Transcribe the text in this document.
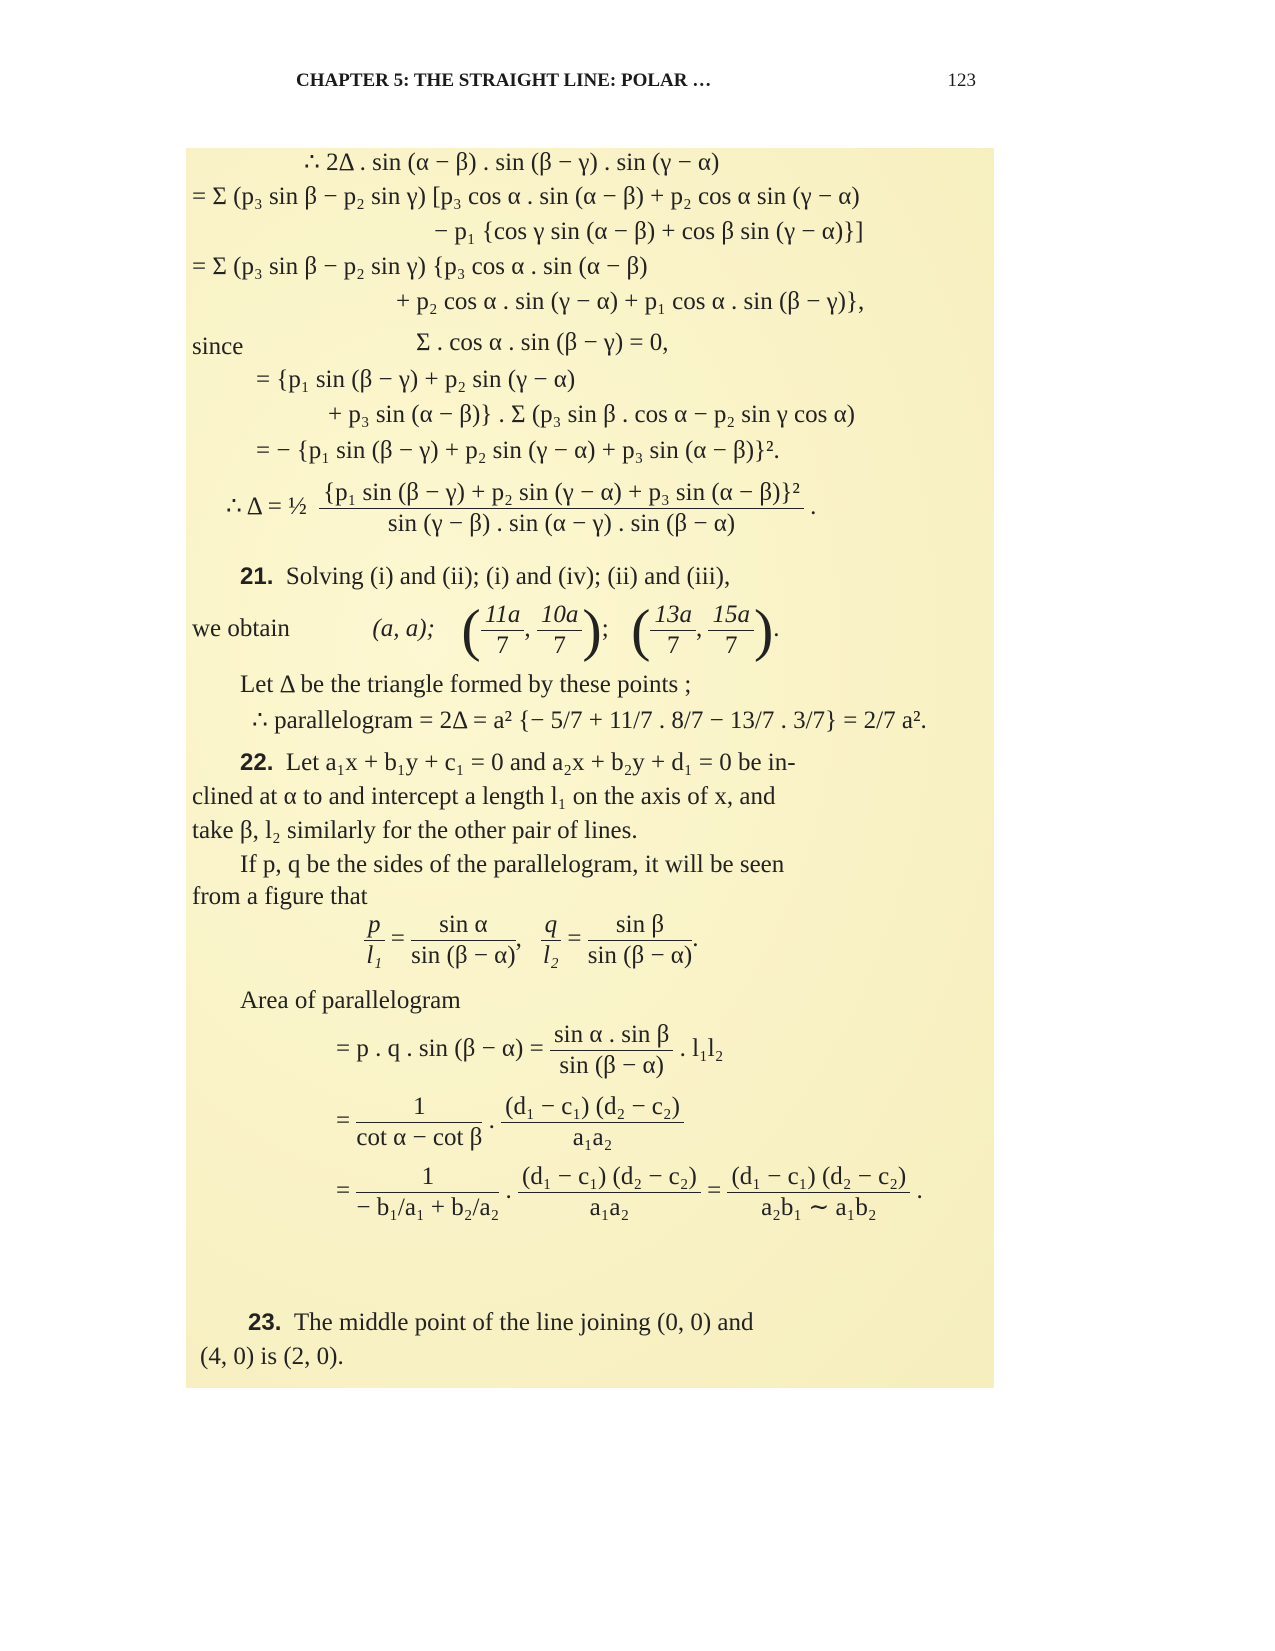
CHAPTER 5: THE STRAIGHT LINE: POLAR …	123
∴ 2Δ . sin (α − β) . sin (β − γ) . sin (γ − α)
= Σ (p₃ sin β − p₂ sin γ) [p₃ cos α . sin (α − β) + p₂ cos α sin (γ − α)
− p₁ {cos γ sin (α − β) + cos β sin (γ − α)}]
= Σ (p₃ sin β − p₂ sin γ) {p₃ cos α . sin (α − β)
+ p₂ cos α . sin (γ − α) + p₁ cos α . sin (β − γ)},
since	Σ . cos α . sin (β − γ) = 0,
= {p₁ sin (β − γ) + p₂ sin (γ − α)
+ p₃ sin (α − β)} . Σ (p₃ sin β . cos α − p₂ sin γ cos α)
= − {p₁ sin (β − γ) + p₂ sin (γ − α) + p₃ sin (α − β)}².
∴ Δ = ½ $\frac{\text{\{p₁ sin (β − γ) + p₂ sin (γ − α) + p₃ sin (α − β)\}²}}{\sin (\gamma - \beta) . \sin (\alpha - \gamma) . \sin (\beta - \alpha)}$ .
21. Solving (i) and (ii); (i) and (iv); (ii) and (iii),
we obtain	(a, a); ( $\frac{11a}{7}$ , $\frac{10a}{7}$ );  ( $\frac{13a}{7}$ , $\frac{15a}{7}$ ).
Let Δ be the triangle formed by these points ;
∴ parallelogram = 2Δ = a² {− 5/7 + 11/7 . 8/7 − 13/7 . 3/7} = 2/7 a².
22. Let a₁x + b₁y + c₁ = 0 and a₂x + b₂y + d₁ = 0 be in-
clined at α to and intercept a length l₁ on the axis of x, and
take β, l₂ similarly for the other pair of lines.
If p, q be the sides of the parallelogram, it will be seen
from a figure that
$\frac{p}{\text{l₁}} = \frac{\text{sin α}}{\sin (\beta - \alpha)}$ , $\frac{q}{\text{l₂}} = \frac{\text{sin β}}{\sin (\beta - \alpha)}$ .
Area of parallelogram
= p . q . $\sin (\beta - \alpha) = \frac{\text{sin α . sin β}}{\sin (\beta - \alpha)}$ . l₁l₂
= $\frac{1}{\text{cot α − cot β}}$ . $\frac{\text{(d₁ − c₁) (d₂ − c₂)}}{\text{a₁a₂}}$
= $\frac{1}{\text{− b₁/a₁ + b₂/a₂}}$ . $\frac{\text{(d₁ − c₁) (d₂ − c₂)}}{\text{a₁a₂}} = \frac{\text{(d₁ − c₁) (d₂ − c₂)}}{\text{a₂b₁ ∼ a₁b₂}}$ .
23. The middle point of the line joining (0, 0) and
(4, 0) is (2, 0).
